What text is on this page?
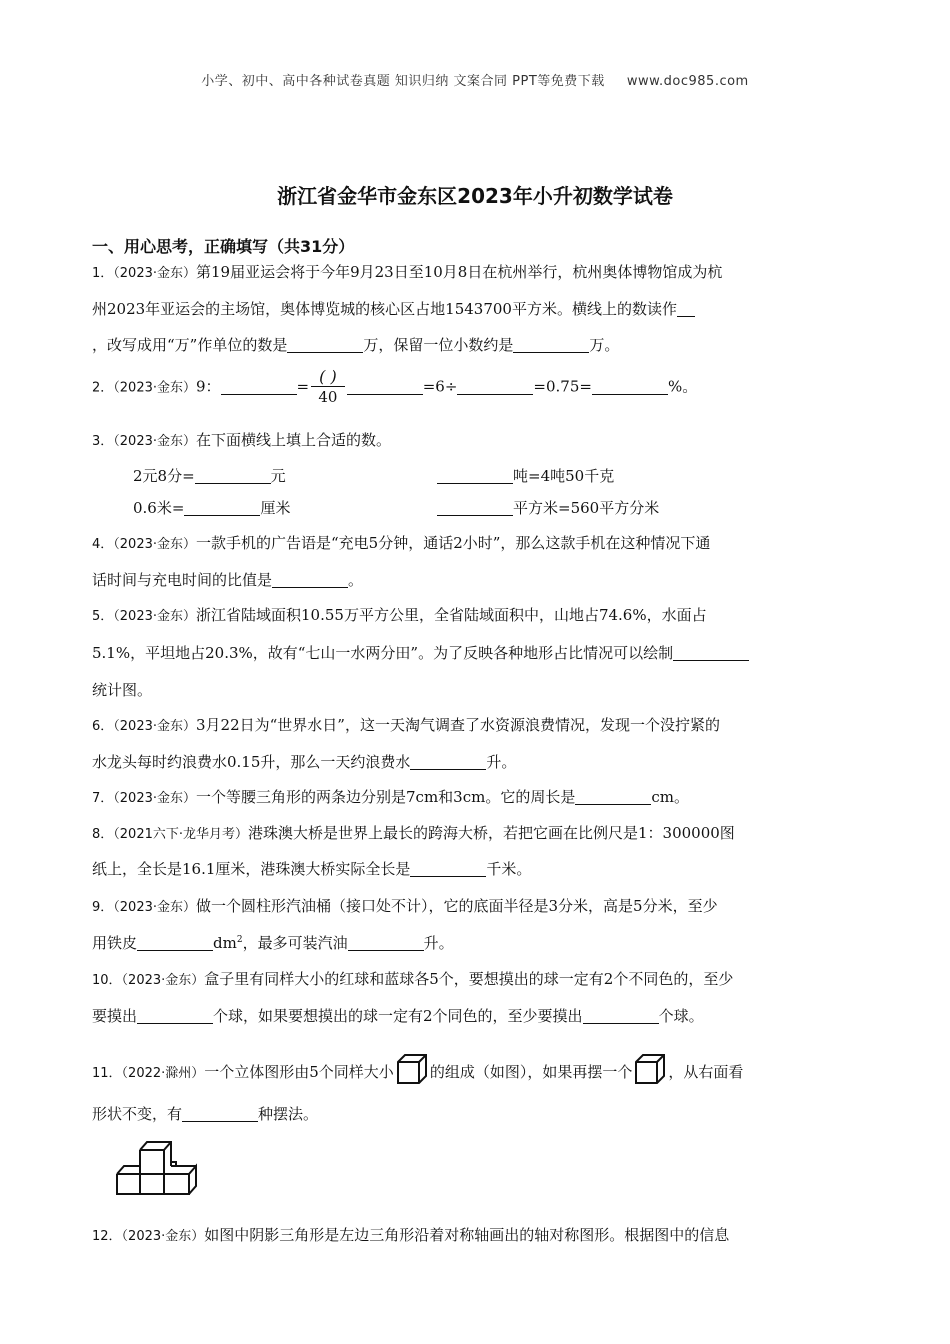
小学、初中、高中各种试卷真题 知识归纳 文案合同 PPT等免费下载 www.doc985.com
浙江省金华市金东区2023年小升初数学试卷
一、用心思考，正确填写（共31分）
1．（2023·金东）第19届亚运会将于今年9月23日至10月8日在杭州举行，杭州奥体博物馆成为杭
州2023年亚运会的主场馆，奥体博览城的核心区占地1543700平方米。横线上的数读作
，改写成用“万”作单位的数是	万，保留一位小数约是	万。
2．（2023·金东）9：	= $\frac{( )}{40}$	=6÷	=0.75=	%。
3．（2023·金东）在下面横线上填上合适的数。
2元8分=	元	吨=4吨50千克
0.6米=	厘米	平方米=560平方分米
4．（2023·金东）一款手机的广告语是“充电5分钟，通话2小时”，那么这款手机在这种情况下通
话时间与充电时间的比值是	。
5．（2023·金东）浙江省陆域面积10.55万平方公里，全省陆域面积中，山地占74.6%，水面占
5.1%，平坦地占20.3%，故有“七山一水两分田”。为了反映各种地形占比情况可以绘制
统计图。
6．（2023·金东）3月22日为“世界水日”，这一天淘气调查了水资源浪费情况，发现一个没拧紧的
水龙头每时约浪费水0.15升，那么一天约浪费水	升。
7．（2023·金东）一个等腰三角形的两条边分别是7cm和3cm。它的周长是	cm。
8．（2021六下·龙华月考）港珠澳大桥是世界上最长的跨海大桥，若把它画在比例尺是1：300000图
纸上，全长是16.1厘米，港珠澳大桥实际全长是	千米。
9．（2023·金东）做一个圆柱形汽油桶（接口处不计），它的底面半径是3分米，高是5分米，至少
用铁皮	$dm^2$，最多可装汽油	升。
10．（2023·金东）盒子里有同样大小的红球和蓝球各5个，要想摸出的球一定有2个不同色的，至少
要摸出	个球，如果要想摸出的球一定有2个同色的，至少要摸出	个球。
11．（2022·滁州）一个立体图形由5个同样大小 的组成（如图），如果再摆一个 ，从右面看
形状不变，有	种摆法。
12．（2023·金东）如图中阴影三角形是左边三角形沿着对称轴画出的轴对称图形。根据图中的信息
